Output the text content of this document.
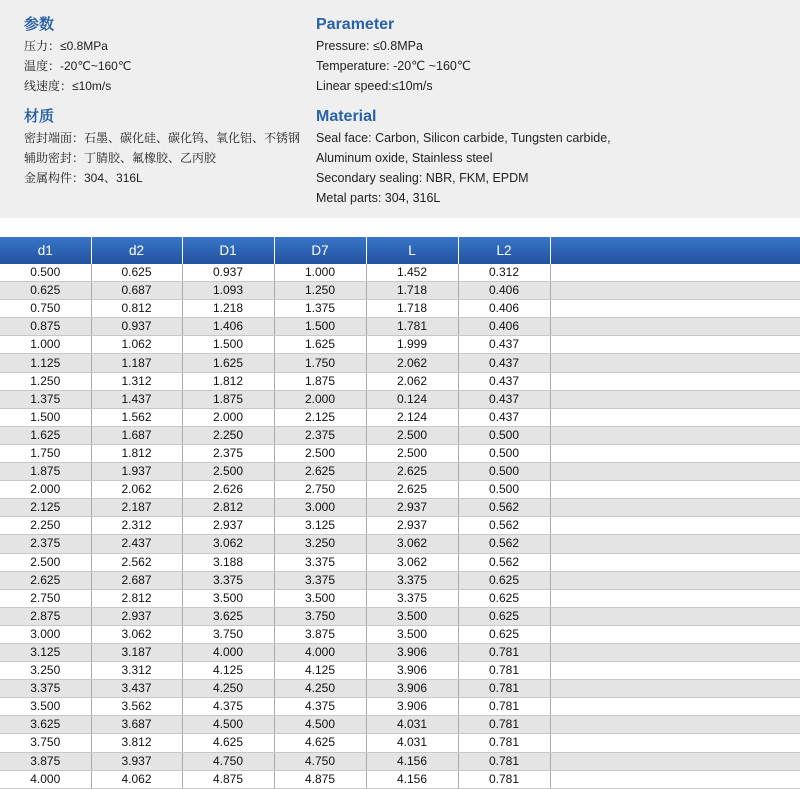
参数
压力：≤0.8MPa
温度：-20℃~160℃
线速度：≤10m/s
材质
密封端面：石墨、碳化硅、碳化钨、氧化铝、不锈钢
辅助密封：丁腈胶、氟橡胶、乙丙胶
金属构件：304、316L
Parameter
Pressure: ≤0.8MPa
Temperature: -20℃ ~160℃
Linear speed:≤10m/s
Material
Seal face: Carbon, Silicon carbide, Tungsten carbide,
Aluminum oxide, Stainless steel
Secondary sealing: NBR, FKM, EPDM
Metal parts: 304, 316L
d1	d2	D1	D7	L	L2	
0.500	0.625	0.937	1.000	1.452	0.312	
0.625	0.687	1.093	1.250	1.718	0.406	
0.750	0.812	1.218	1.375	1.718	0.406	
0.875	0.937	1.406	1.500	1.781	0.406	
1.000	1.062	1.500	1.625	1.999	0.437	
1.125	1.187	1.625	1.750	2.062	0.437	
1.250	1.312	1.812	1.875	2.062	0.437	
1.375	1.437	1.875	2.000	0.124	0.437	
1.500	1.562	2.000	2.125	2.124	0.437	
1.625	1.687	2.250	2.375	2.500	0.500	
1.750	1.812	2.375	2.500	2.500	0.500	
1.875	1.937	2.500	2.625	2.625	0.500	
2.000	2.062	2.626	2.750	2.625	0.500	
2.125	2.187	2.812	3.000	2.937	0.562	
2.250	2.312	2.937	3.125	2.937	0.562	
2.375	2.437	3.062	3.250	3.062	0.562	
2.500	2.562	3.188	3.375	3.062	0.562	
2.625	2.687	3.375	3.375	3.375	0.625	
2.750	2.812	3.500	3.500	3.375	0.625	
2.875	2.937	3.625	3.750	3.500	0.625	
3.000	3.062	3.750	3.875	3.500	0.625	
3.125	3.187	4.000	4.000	3.906	0.781	
3.250	3.312	4.125	4.125	3.906	0.781	
3.375	3.437	4.250	4.250	3.906	0.781	
3.500	3.562	4.375	4.375	3.906	0.781	
3.625	3.687	4.500	4.500	4.031	0.781	
3.750	3.812	4.625	4.625	4.031	0.781	
3.875	3.937	4.750	4.750	4.156	0.781	
4.000	4.062	4.875	4.875	4.156	0.781	
